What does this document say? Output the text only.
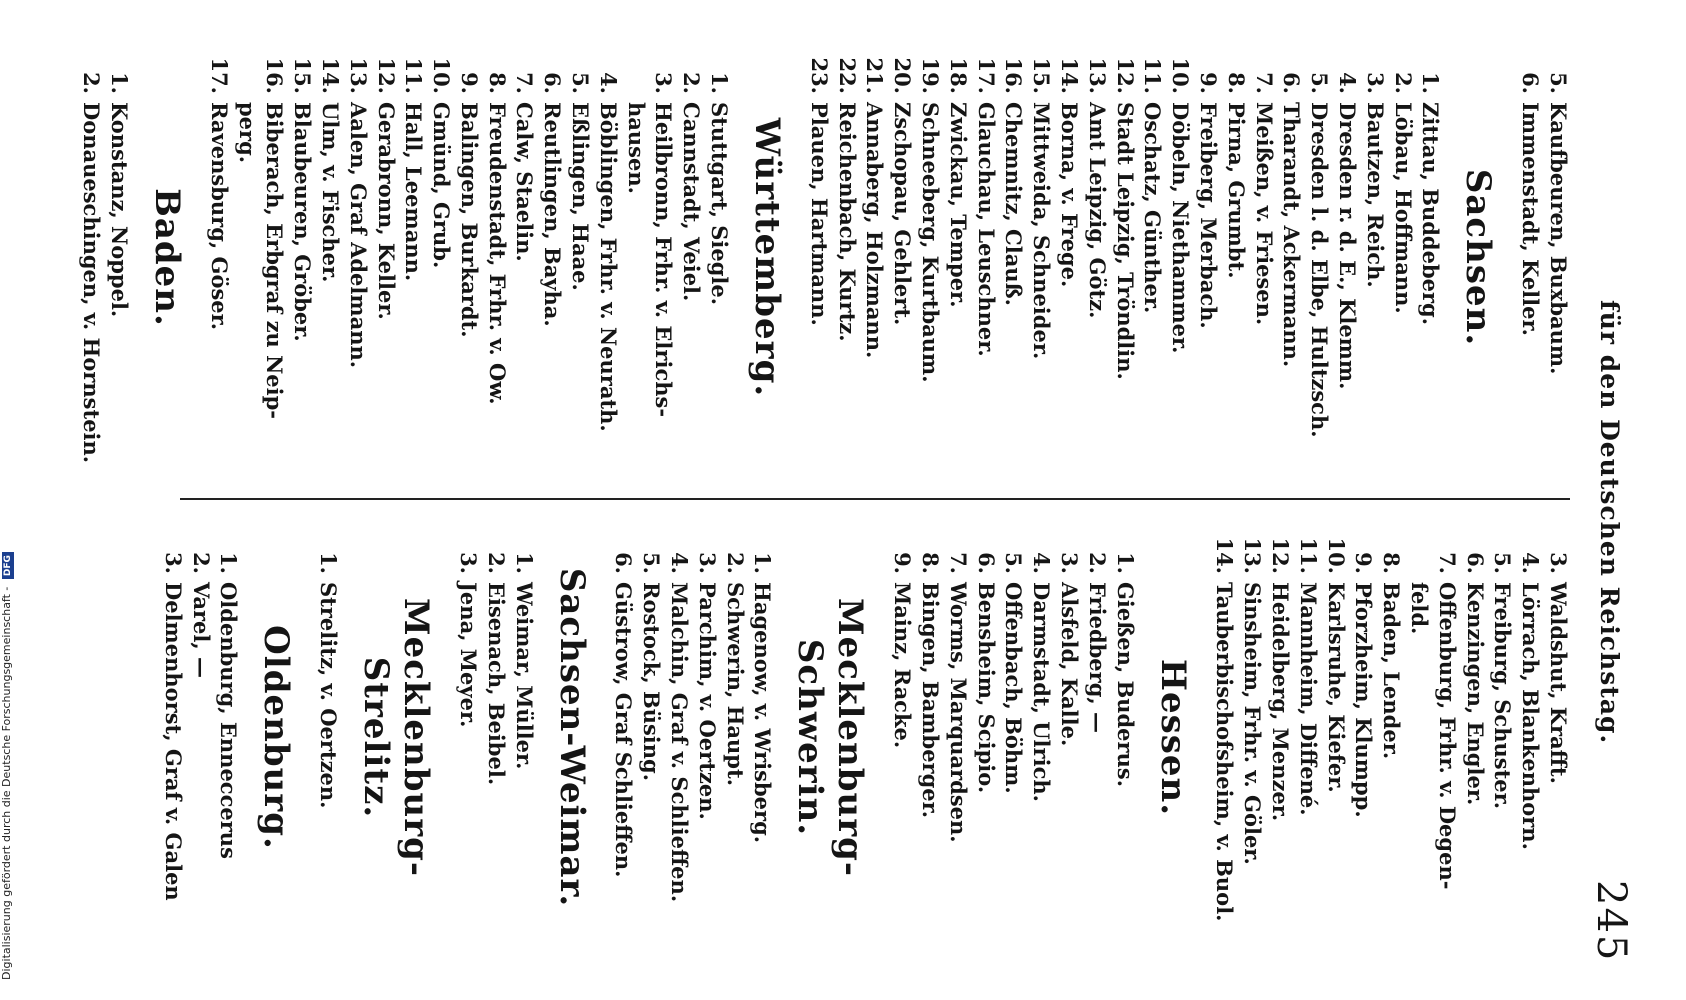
für den Deutschen Reichstag.
245
5.Kaufbeuren, Buxbaum.
6.Immenstadt, Keller.
Sachsen.
1.Zittau, Buddeberg.
2.Löbau, Hoffmann.
3.Bautzen, Reich.
4.Dresden r. d. E., Klemm.
5.Dresden l. d. Elbe, Hultzsch.
6.Tharandt, Ackermann.
7.Meißen, v. Friesen.
8.Pirna, Grumbt.
9.Freiberg, Merbach.
10.Döbeln, Niethammer.
11.Oschatz, Günther.
12.Stadt Leipzig, Tröndlin.
13.Amt Leipzig, Götz.
14.Borna, v. Frege.
15.Mittweida, Schneider.
16.Chemnitz, Clauß.
17.Glauchau, Leuschner.
18.Zwickau, Temper.
19.Schneeberg, Kurtbaum.
20.Zschopau, Gehlert.
21.Annaberg, Holzmann.
22.Reichenbach, Kurtz.
23.Plauen, Hartmann.
Württemberg.
1.Stuttgart, Siegle.
2.Cannstadt, Veiel.
3.Heilbronn, Frhr. v. Elrichs-
hausen.
4.Böblingen, Frhr. v. Neurath.
5.Eßlingen, Haae.
6.Reutlingen, Bayha.
7.Calw, Staelin.
8.Freudenstadt, Frhr. v. Ow.
9.Balingen, Burkardt.
10.Gmünd, Grub.
11.Hall, Leemann.
12.Gerabronn, Keller.
13.Aalen, Graf Adelmann.
14.Ulm, v. Fischer.
15.Blaubeuren, Gröber.
16.Biberach, Erbgraf zu Neip-
perg.
17.Ravensburg, Göser.
Baden.
1.Konstanz, Noppel.
2.Donaueschingen, v. Hornstein.
3.Waldshut, Krafft.
4.Lörrach, Blankenhorn.
5.Freiburg, Schuster.
6.Kenzingen, Engler.
7.Offenburg, Frhr. v. Degen-
feld.
8.Baden, Lender.
9.Pforzheim, Klumpp.
10.Karlsruhe, Kiefer.
11.Mannheim, Diffené.
12.Heidelberg, Menzer.
13.Sinsheim, Frhr. v. Göler.
14.Tauberbischofsheim, v. Buol.
Hessen.
1.Gießen, Buderus.
2.Friedberg, —
3.Alsfeld, Kalle.
4.Darmstadt, Ulrich.
5.Offenbach, Böhm.
6.Bensheim, Scipio.
7.Worms, Marquardsen.
8.Bingen, Bamberger.
9.Mainz, Racke.
Mecklenburg-Schwerin.
1.Hagenow, v. Wrisberg.
2.Schwerin, Haupt.
3.Parchim, v. Oertzen.
4.Malchin, Graf v. Schlieffen.
5.Rostock, Büsing.
6.Güstrow, Graf Schlieffen.
Sachsen-Weimar.
1.Weimar, Müller.
2.Eisenach, Beibel.
3.Jena, Meyer.
Mecklenburg-Strelitz.
1.Strelitz, v. Oertzen.
Oldenburg.
1.Oldenburg, Enneccerus
2.Varel, —
3.Delmenhorst, Graf v. Galen
Digitalisierung gefördert durch die Deutsche Forschungsgemeinschaft - DFG
